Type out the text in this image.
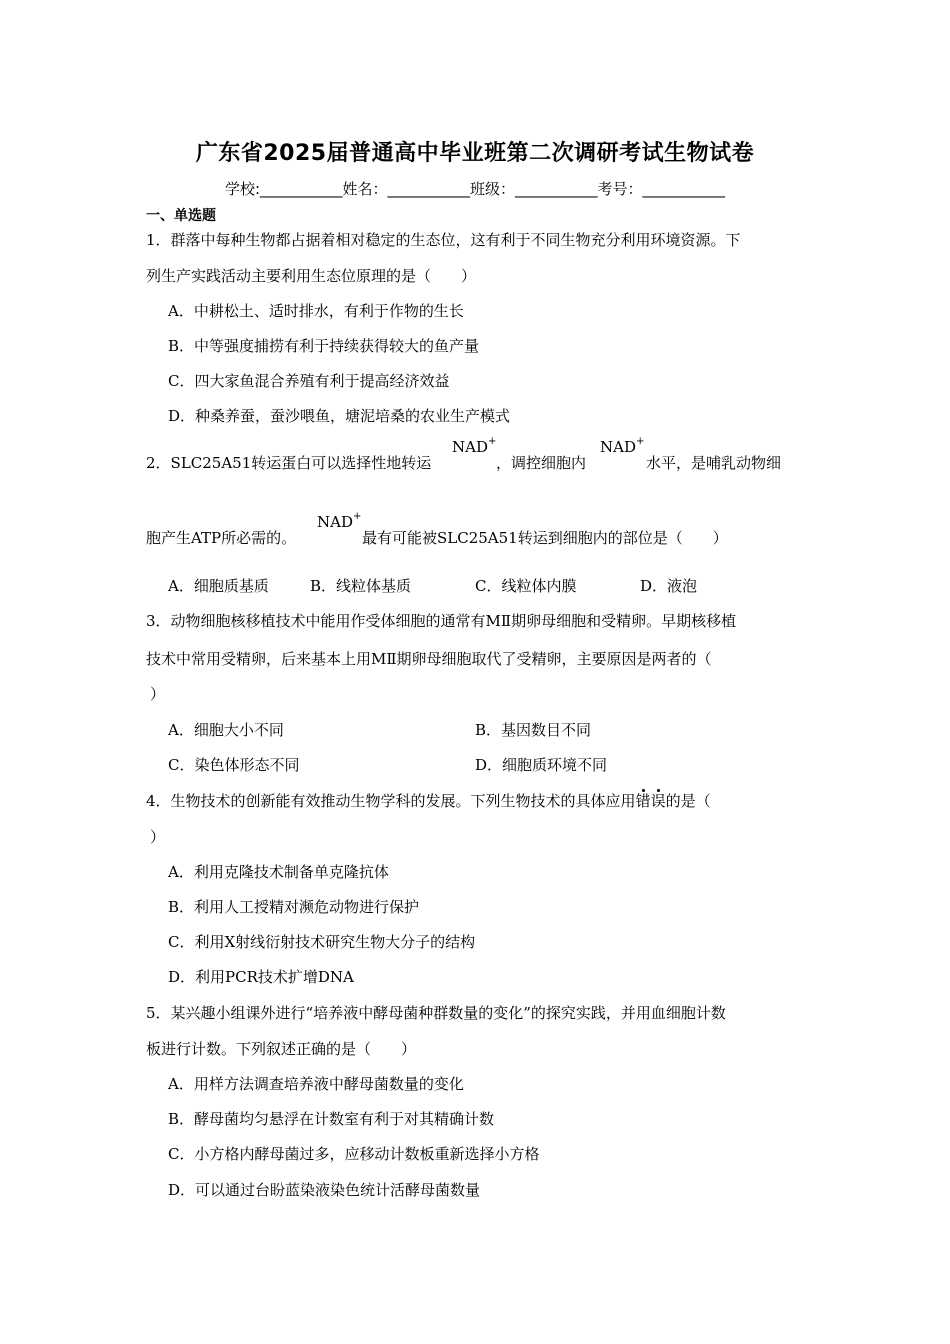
广东省2025届普通高中毕业班第二次调研考试生物试卷
学校:___________姓名：___________班级：___________考号：___________
一、单选题
1．群落中每种生物都占据着相对稳定的生态位，这有利于不同生物充分利用环境资源。下
列生产实践活动主要利用生态位原理的是（　　）
A．中耕松土、适时排水，有利于作物的生长
B．中等强度捕捞有利于持续获得较大的鱼产量
C．四大家鱼混合养殖有利于提高经济效益
D．种桑养蚕，蚕沙喂鱼，塘泥培桑的农业生产模式
2．SLC25A51转运蛋白可以选择性地转运
NAD+
，调控细胞内
NAD+
水平，是哺乳动物细
胞产生ATP所必需的。
NAD+
最有可能被SLC25A51转运到细胞内的部位是（　　）
A．细胞质基质	B．线粒体基质	C．线粒体内膜	D．液泡
3．动物细胞核移植技术中能用作受体细胞的通常有MⅡ期卵母细胞和受精卵。早期核移植
技术中常用受精卵，后来基本上用MⅡ期卵母细胞取代了受精卵，主要原因是两者的（
）
A．细胞大小不同	B．基因数目不同
C．染色体形态不同	D．细胞质环境不同
4．生物技术的创新能有效推动生物学科的发展。下列生物技术的具体应用错误的是（
）
A．利用克隆技术制备单克隆抗体
B．利用人工授精对濒危动物进行保护
C．利用X射线衍射技术研究生物大分子的结构
D．利用PCR技术扩增DNA
5．某兴趣小组课外进行“培养液中酵母菌种群数量的变化”的探究实践，并用血细胞计数
板进行计数。下列叙述正确的是（　　）
A．用样方法调查培养液中酵母菌数量的变化
B．酵母菌均匀悬浮在计数室有利于对其精确计数
C．小方格内酵母菌过多，应移动计数板重新选择小方格
D．可以通过台盼蓝染液染色统计活酵母菌数量
